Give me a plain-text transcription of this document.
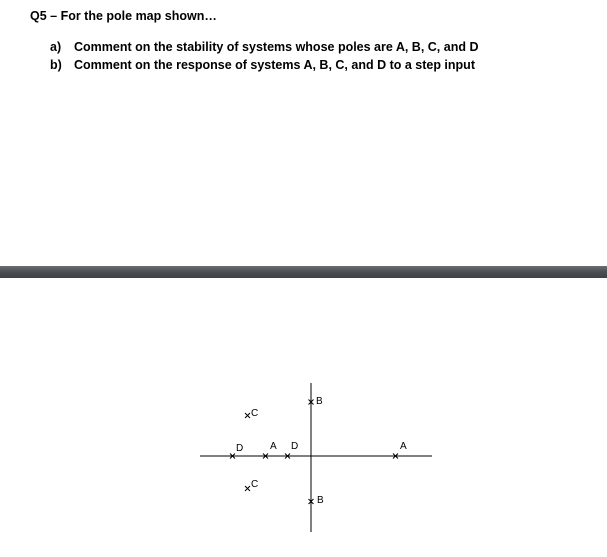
Q5 – For the pole map shown…
a)	Comment on the stability of systems whose poles are A, B, C, and D
b) Comment on the response of systems A, B, C, and D to a step input
B
C
D	A D	A
C
B
